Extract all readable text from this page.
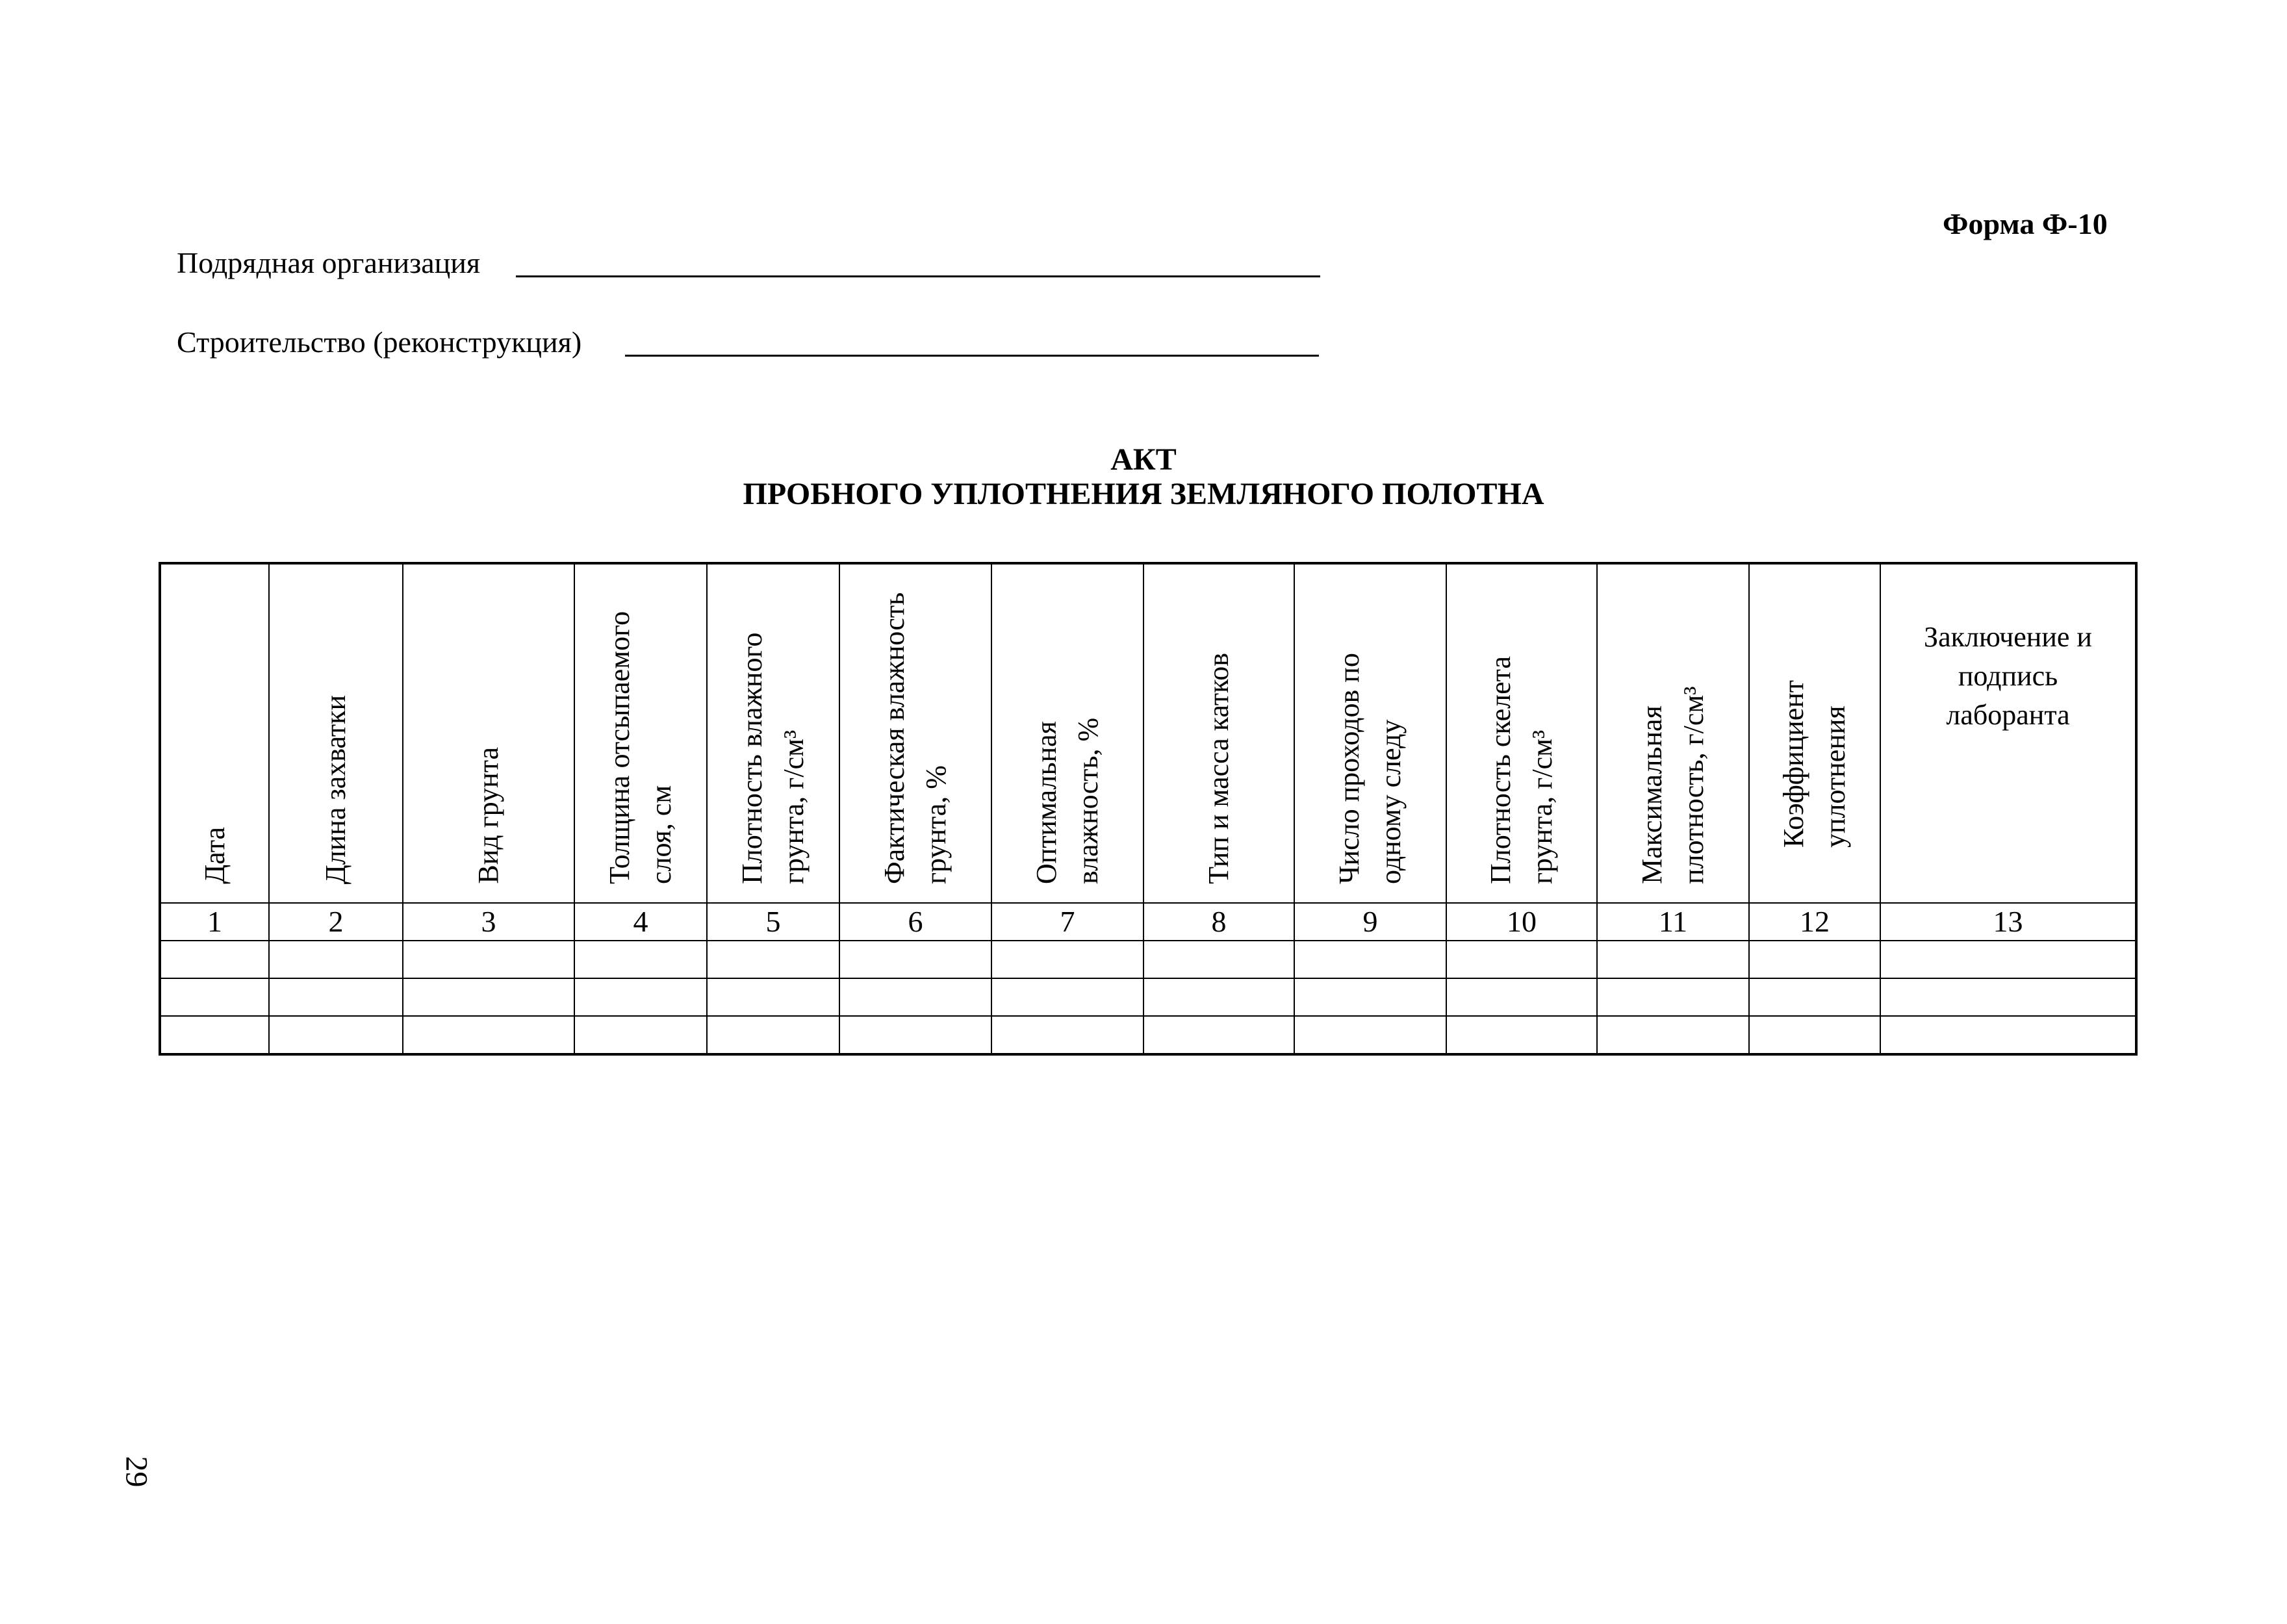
Форма Ф-10
Подрядная организация
Строительство (реконструкция)
АКТ
ПРОБНОГО УПЛОТНЕНИЯ ЗЕМЛЯНОГО ПОЛОТНА
Дата	Длина захватки	Вид грунта	Толщина отсыпаемого слоя, см	Плотность влажного грунта, г/см³	Фактическая влажность грунта, %	Оптимальная влажность, %	Тип и масса катков	Число проходов по одному следу	Плотность скелета грунта, г/см³	Максимальная плотность, г/см³	Коэффициент уплотнения	Заключение и подпись лаборанта

1	2	3	4	5	6	7	8	9	10	11	12	13

29
